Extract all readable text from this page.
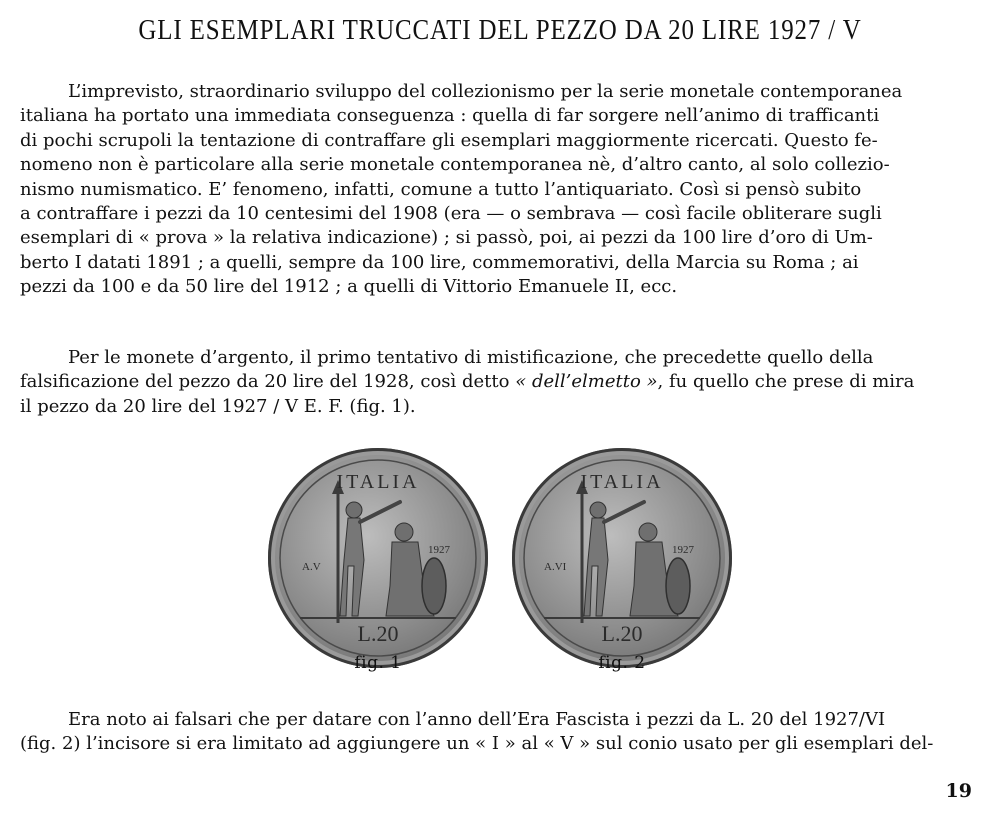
GLI ESEMPLARI TRUCCATI DEL PEZZO DA 20 LIRE 1927 / V
L’imprevisto, straordinario sviluppo del collezionismo per la serie monetale contemporanea
italiana ha portato una immediata conseguenza : quella di far sorgere nell’animo di trafficanti
di pochi scrupoli la tentazione di contraffare gli esemplari maggiormente ricercati. Questo fe-
nomeno non è particolare alla serie monetale contemporanea nè, d’altro canto, al solo collezio-
nismo numismatico. E’ fenomeno, infatti, comune a tutto l’antiquariato. Così si pensò subito
a contraffare i pezzi da 10 centesimi del 1908 (era — o sembrava — così facile obliterare sugli
esemplari di « prova » la relativa indicazione) ; si passò, poi, ai pezzi da 100 lire d’oro di Um-
berto I datati 1891 ; a quelli, sempre da 100 lire, commemorativi, della Marcia su Roma ; ai
pezzi da 100 e da 50 lire del 1912 ; a quelli di Vittorio Emanuele II, ecc.
Per le monete d’argento, il primo tentativo di mistificazione, che precedette quello della
falsificazione del pezzo da 20 lire del 1928, così detto « dell’elmetto », fu quello che prese di mira
il pezzo da 20 lire del 1927 / V E. F. (fig. 1).
ITALIA
A.V
1927
L.20
fig. 1
ITALIA
A.VI
1927
L.20
fig. 2
Era noto ai falsari che per datare con l’anno dell’Era Fascista i pezzi da L. 20 del 1927/VI
(fig. 2) l’incisore si era limitato ad aggiungere un « I » al « V » sul conio usato per gli esemplari del-
19
